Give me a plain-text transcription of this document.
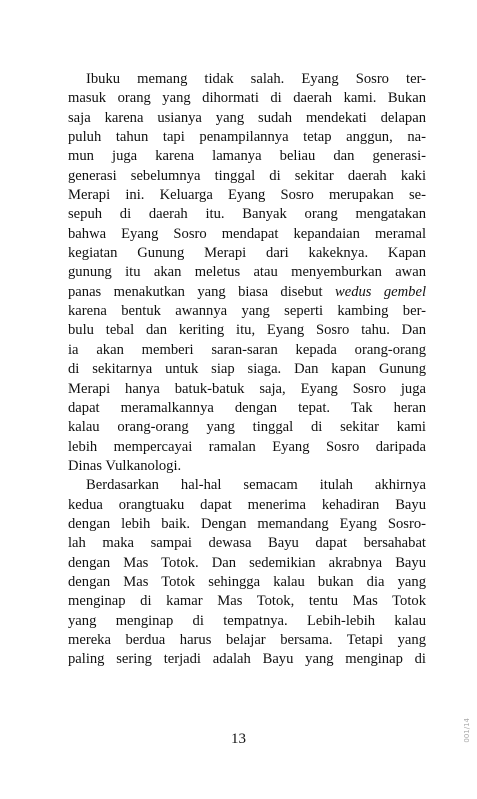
Ibuku memang tidak salah. Eyang Sosro ter-
masuk orang yang dihormati di daerah kami. Bukan
saja karena usianya yang sudah mendekati delapan
puluh tahun tapi penampilannya tetap anggun, na-
mun juga karena lamanya beliau dan generasi-
generasi sebelumnya tinggal di sekitar daerah kaki
Merapi ini. Keluarga Eyang Sosro merupakan se-
sepuh di daerah itu. Banyak orang mengatakan
bahwa Eyang Sosro mendapat kepandaian meramal
kegiatan Gunung Merapi dari kakeknya. Kapan
gunung itu akan meletus atau menyemburkan awan
panas menakutkan yang biasa disebut wedus gembel
karena bentuk awannya yang seperti kambing ber-
bulu tebal dan keriting itu, Eyang Sosro tahu. Dan
ia akan memberi saran-saran kepada orang-orang
di sekitarnya untuk siap siaga. Dan kapan Gunung
Merapi hanya batuk-batuk saja, Eyang Sosro juga
dapat meramalkannya dengan tepat. Tak heran
kalau orang-orang yang tinggal di sekitar kami
lebih mempercayai ramalan Eyang Sosro daripada
Dinas Vulkanologi.
Berdasarkan hal-hal semacam itulah akhirnya
kedua orangtuaku dapat menerima kehadiran Bayu
dengan lebih baik. Dengan memandang Eyang Sosro-
lah maka sampai dewasa Bayu dapat bersahabat
dengan Mas Totok. Dan sedemikian akrabnya Bayu
dengan Mas Totok sehingga kalau bukan dia yang
menginap di kamar Mas Totok, tentu Mas Totok
yang menginap di tempatnya. Lebih-lebih kalau
mereka berdua harus belajar bersama. Tetapi yang
paling sering terjadi adalah Bayu yang menginap di
13	001/14
